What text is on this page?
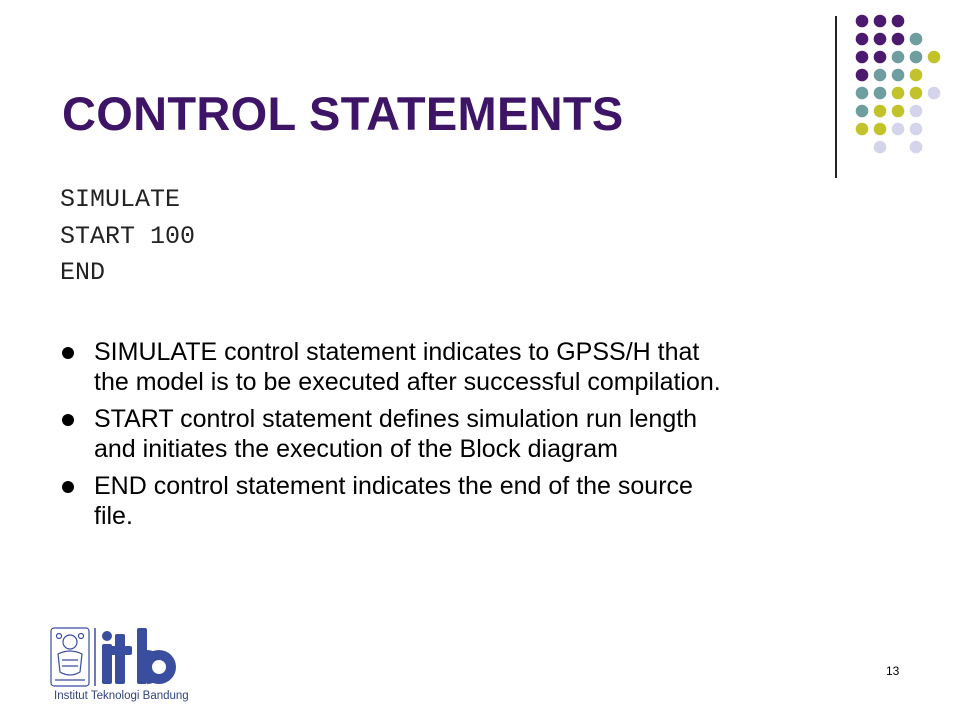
CONTROL STATEMENTS
SIMULATE
START 100
END
SIMULATE control statement indicates to GPSS/H that
the model is to be executed after successful compilation.
START control statement defines simulation run length
and initiates the execution of the Block diagram
END control statement indicates the end of the source
file.
Institut Teknologi Bandung
13
